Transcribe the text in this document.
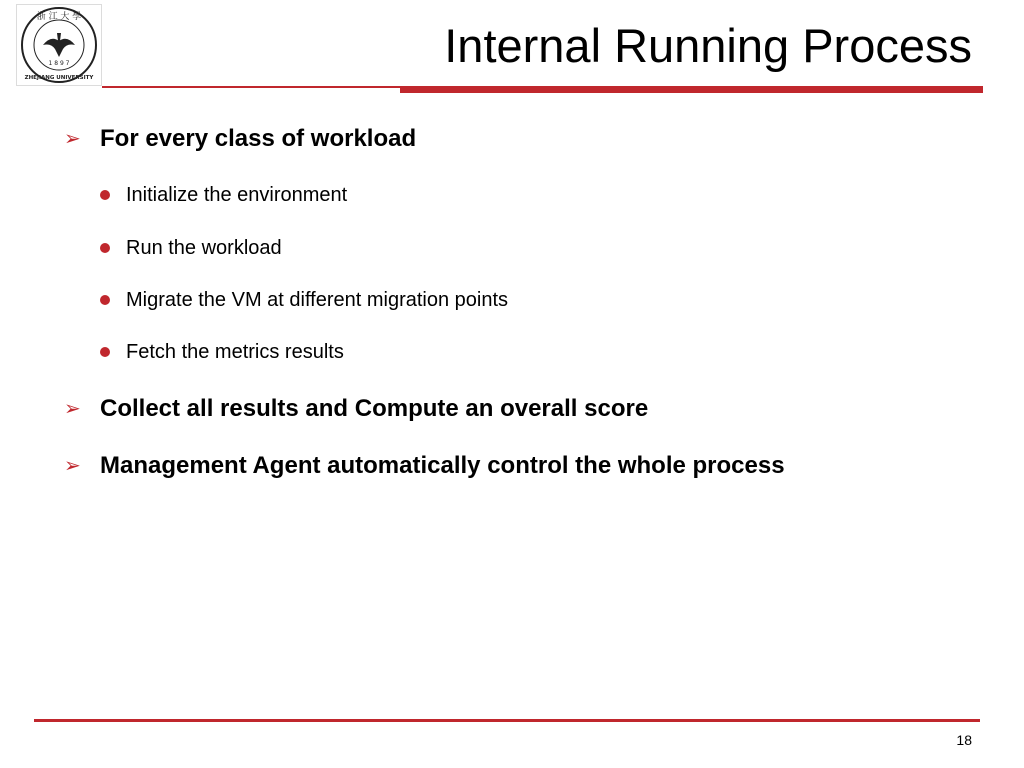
浙 江 大 學
1 8 9 7
ZHEJIANG UNIVERSITY
Internal Running Process
➢ For every class of workload
Initialize the environment
Run the workload
Migrate the VM at different migration points
Fetch the metrics results
➢ Collect all results and Compute an overall score
➢ Management Agent automatically control the whole process
18
